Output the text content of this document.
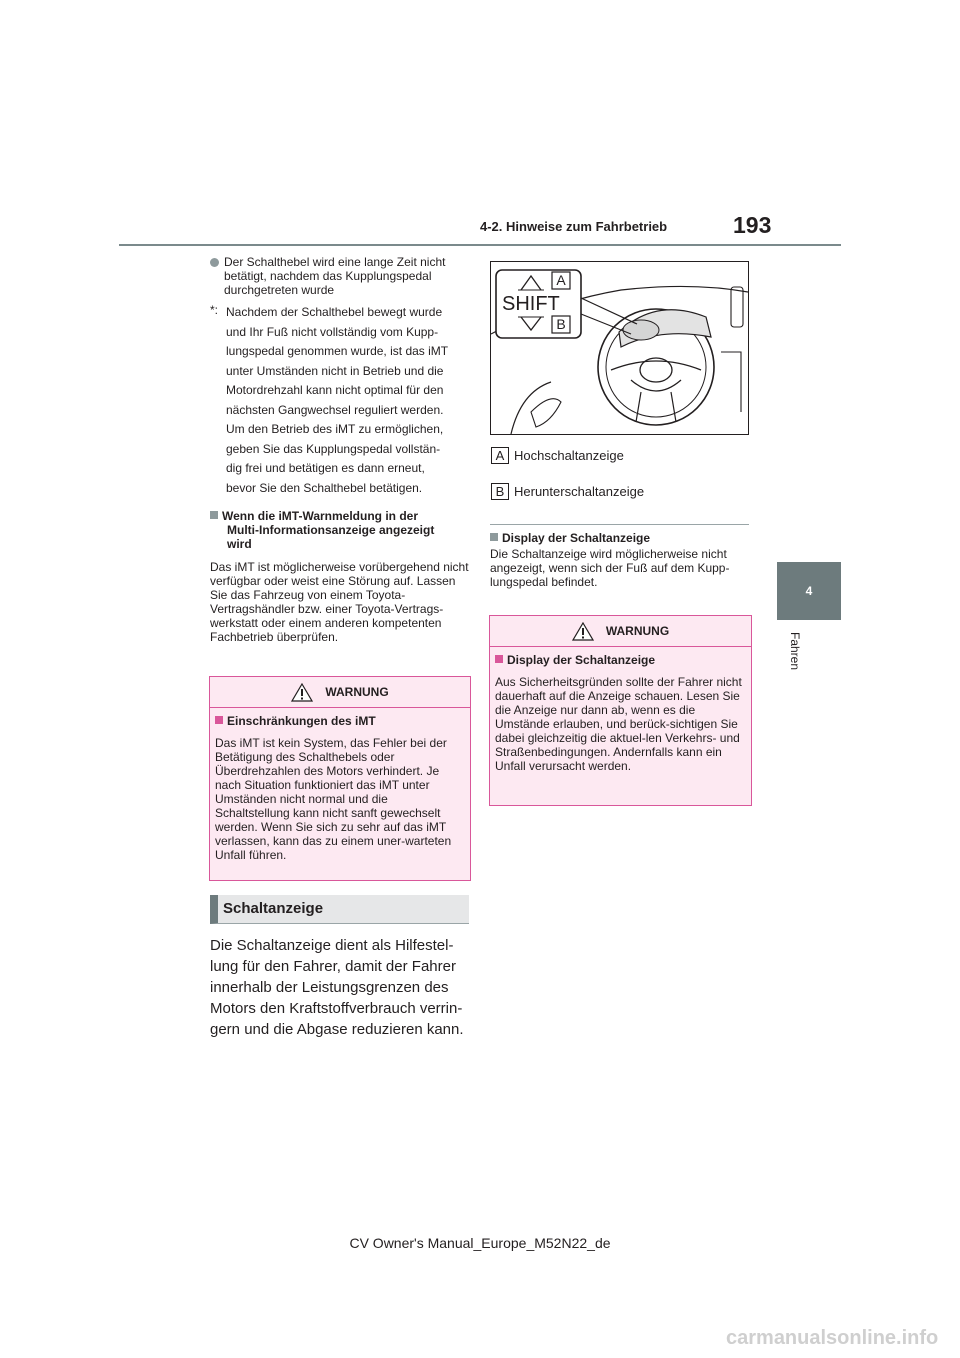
4-2. Hinweise zum Fahrbetrieb	193
4
Fahren
Der Schalthebel wird eine lange Zeit nicht betätigt, nachdem das Kupplungspedal durchgetreten wurde
*: Nachdem der Schalthebel bewegt wurde
und Ihr Fuß nicht vollständig vom Kupp-
lungspedal genommen wurde, ist das iMT
unter Umständen nicht in Betrieb und die
Motordrehzahl kann nicht optimal für den
nächsten Gangwechsel reguliert werden.
Um den Betrieb des iMT zu ermöglichen,
geben Sie das Kupplungspedal vollstän-
dig frei und betätigen es dann erneut,
bevor Sie den Schalthebel betätigen.
Wenn die iMT-Warnmeldung in der
Multi-Informationsanzeige angezeigt
wird
Das iMT ist möglicherweise vorübergehend nicht verfügbar oder weist eine Störung auf. Lassen Sie das Fahrzeug von einem Toyota-Vertragshändler bzw. einer Toyota-Vertrags-werkstatt oder einem anderen kompetenten Fachbetrieb überprüfen.
WARNUNG
Einschränkungen des iMT
Das iMT ist kein System, das Fehler bei der Betätigung des Schalthebels oder Überdrehzahlen des Motors verhindert. Je nach Situation funktioniert das iMT unter Umständen nicht normal und die Schaltstellung kann nicht sanft gewechselt werden. Wenn Sie sich zu sehr auf das iMT verlassen, kann das zu einem uner-warteten Unfall führen.
Schaltanzeige
Die Schaltanzeige dient als Hilfestel-lung für den Fahrer, damit der Fahrer innerhalb der Leistungsgrenzen des Motors den Kraftstoffverbrauch verrin-gern und die Abgase reduzieren kann.
A
B
SHIFT
A Hochschaltanzeige
B Herunterschaltanzeige
Display der Schaltanzeige
Die Schaltanzeige wird möglicherweise nicht angezeigt, wenn sich der Fuß auf dem Kupp-lungspedal befindet.
WARNUNG
Display der Schaltanzeige
Aus Sicherheitsgründen sollte der Fahrer nicht dauerhaft auf die Anzeige schauen. Lesen Sie die Anzeige nur dann ab, wenn es die Umstände erlauben, und berück-sichtigen Sie dabei gleichzeitig die aktuel-len Verkehrs- und Straßenbedingungen. Andernfalls kann ein Unfall verursacht werden.
CV Owner's Manual_Europe_M52N22_de
carmanualsonline.info
